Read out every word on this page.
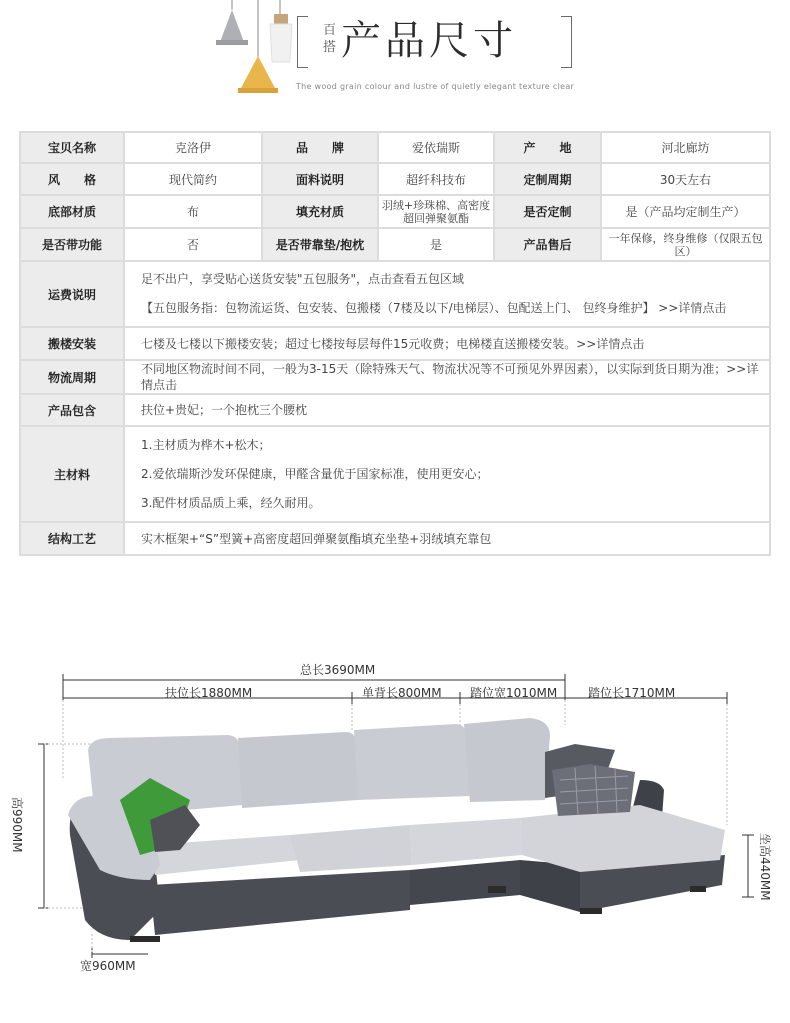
百搭 产品尺寸
The wood grain colour and lustre of quietly elegant texture clear
宝贝名称	克洛伊	品　　牌	爱依瑞斯	产　　地	河北廊坊
风　　格	现代简约	面料说明	超纤科技布	定制周期	30天左右
底部材质	布	填充材质	羽绒+珍珠棉、高密度超回弹聚氨酯	是否定制	是（产品均定制生产）
是否带功能	否	是否带靠垫/抱枕	是	产品售后	一年保修，终身维修（仅限五包区）
运费说明	足不出户，享受贴心送货安装"五包服务"，点击查看五包区域
【五包服务指：包物流运货、包安装、包搬楼（7楼及以下/电梯层）、包配送上门、 包终身维护】 >>详情点击				

搬楼安装	七楼及七楼以下搬楼安装；超过七楼按每层每件15元收费；电梯楼直送搬楼安装。>>详情点击				

物流周期	不同地区物流时间不同，一般为3-15天（除特殊天气、物流状况等不可预见外界因素），以实际到货日期为准；>>详情点击				

产品包含	扶位+贵妃；一个抱枕三个腰枕				

主材料	1.主材质为桦木+松木；
2.爱依瑞斯沙发环保健康，甲醛含量优于国家标准，使用更安心；
3.配件材质品质上乘，经久耐用。				

结构工艺	实木框架+“S”型簧+高密度超回弹聚氨酯填充坐垫+羽绒填充靠包				
总长3690MM
扶位长1880MM	单背长800MM 踏位宽1010MM	踏位长1710MM
高990MM
坐高440MM
宽960MM
